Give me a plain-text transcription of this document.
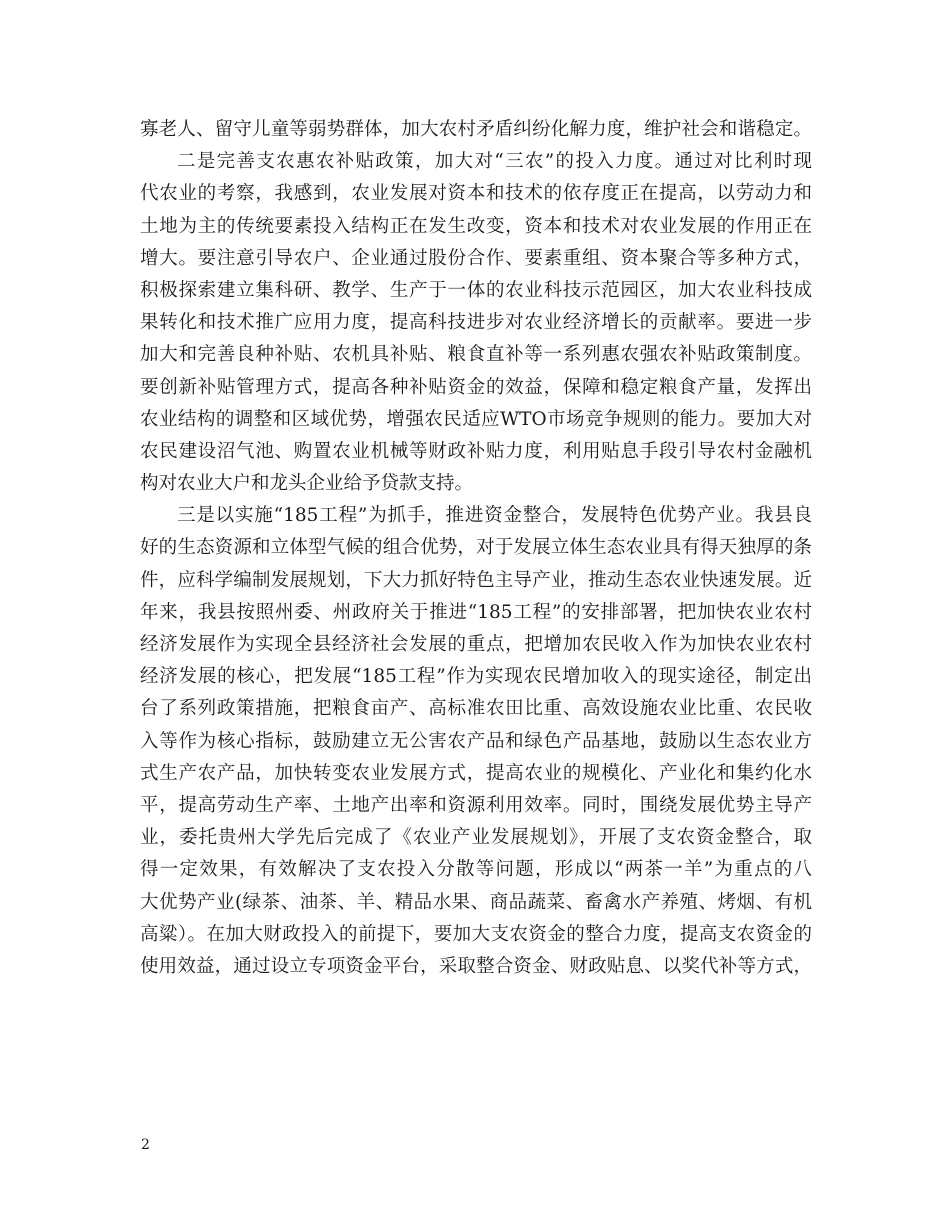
寡老人、留守儿童等弱势群体，加大农村矛盾纠纷化解力度，维护社会和谐稳定。
二是完善支农惠农补贴政策，加大对“三农”的投入力度。通过对比利时现
代农业的考察，我感到，农业发展对资本和技术的依存度正在提高，以劳动力和
土地为主的传统要素投入结构正在发生改变，资本和技术对农业发展的作用正在
增大。要注意引导农户、企业通过股份合作、要素重组、资本聚合等多种方式，
积极探索建立集科研、教学、生产于一体的农业科技示范园区，加大农业科技成
果转化和技术推广应用力度，提高科技进步对农业经济增长的贡献率。要进一步
加大和完善良种补贴、农机具补贴、粮食直补等一系列惠农强农补贴政策制度。
要创新补贴管理方式，提高各种补贴资金的效益，保障和稳定粮食产量，发挥出
农业结构的调整和区域优势，增强农民适应WTO市场竞争规则的能力。要加大对
农民建设沼气池、购置农业机械等财政补贴力度，利用贴息手段引导农村金融机
构对农业大户和龙头企业给予贷款支持。
三是以实施“185工程”为抓手，推进资金整合，发展特色优势产业。我县良
好的生态资源和立体型气候的组合优势，对于发展立体生态农业具有得天独厚的条
件，应科学编制发展规划，下大力抓好特色主导产业，推动生态农业快速发展。近
年来，我县按照州委、州政府关于推进“185工程”的安排部署，把加快农业农村
经济发展作为实现全县经济社会发展的重点，把增加农民收入作为加快农业农村
经济发展的核心，把发展“185工程”作为实现农民增加收入的现实途径，制定出
台了系列政策措施，把粮食亩产、高标准农田比重、高效设施农业比重、农民收
入等作为核心指标，鼓励建立无公害农产品和绿色产品基地，鼓励以生态农业方
式生产农产品，加快转变农业发展方式，提高农业的规模化、产业化和集约化水
平，提高劳动生产率、土地产出率和资源利用效率。同时，围绕发展优势主导产
业，委托贵州大学先后完成了《农业产业发展规划》，开展了支农资金整合，取
得一定效果，有效解决了支农投入分散等问题，形成以“两茶一羊”为重点的八
大优势产业(绿茶、油茶、羊、精品水果、商品蔬菜、畜禽水产养殖、烤烟、有机
高粱）。在加大财政投入的前提下，要加大支农资金的整合力度，提高支农资金的
使用效益，通过设立专项资金平台，采取整合资金、财政贴息、以奖代补等方式，
2
